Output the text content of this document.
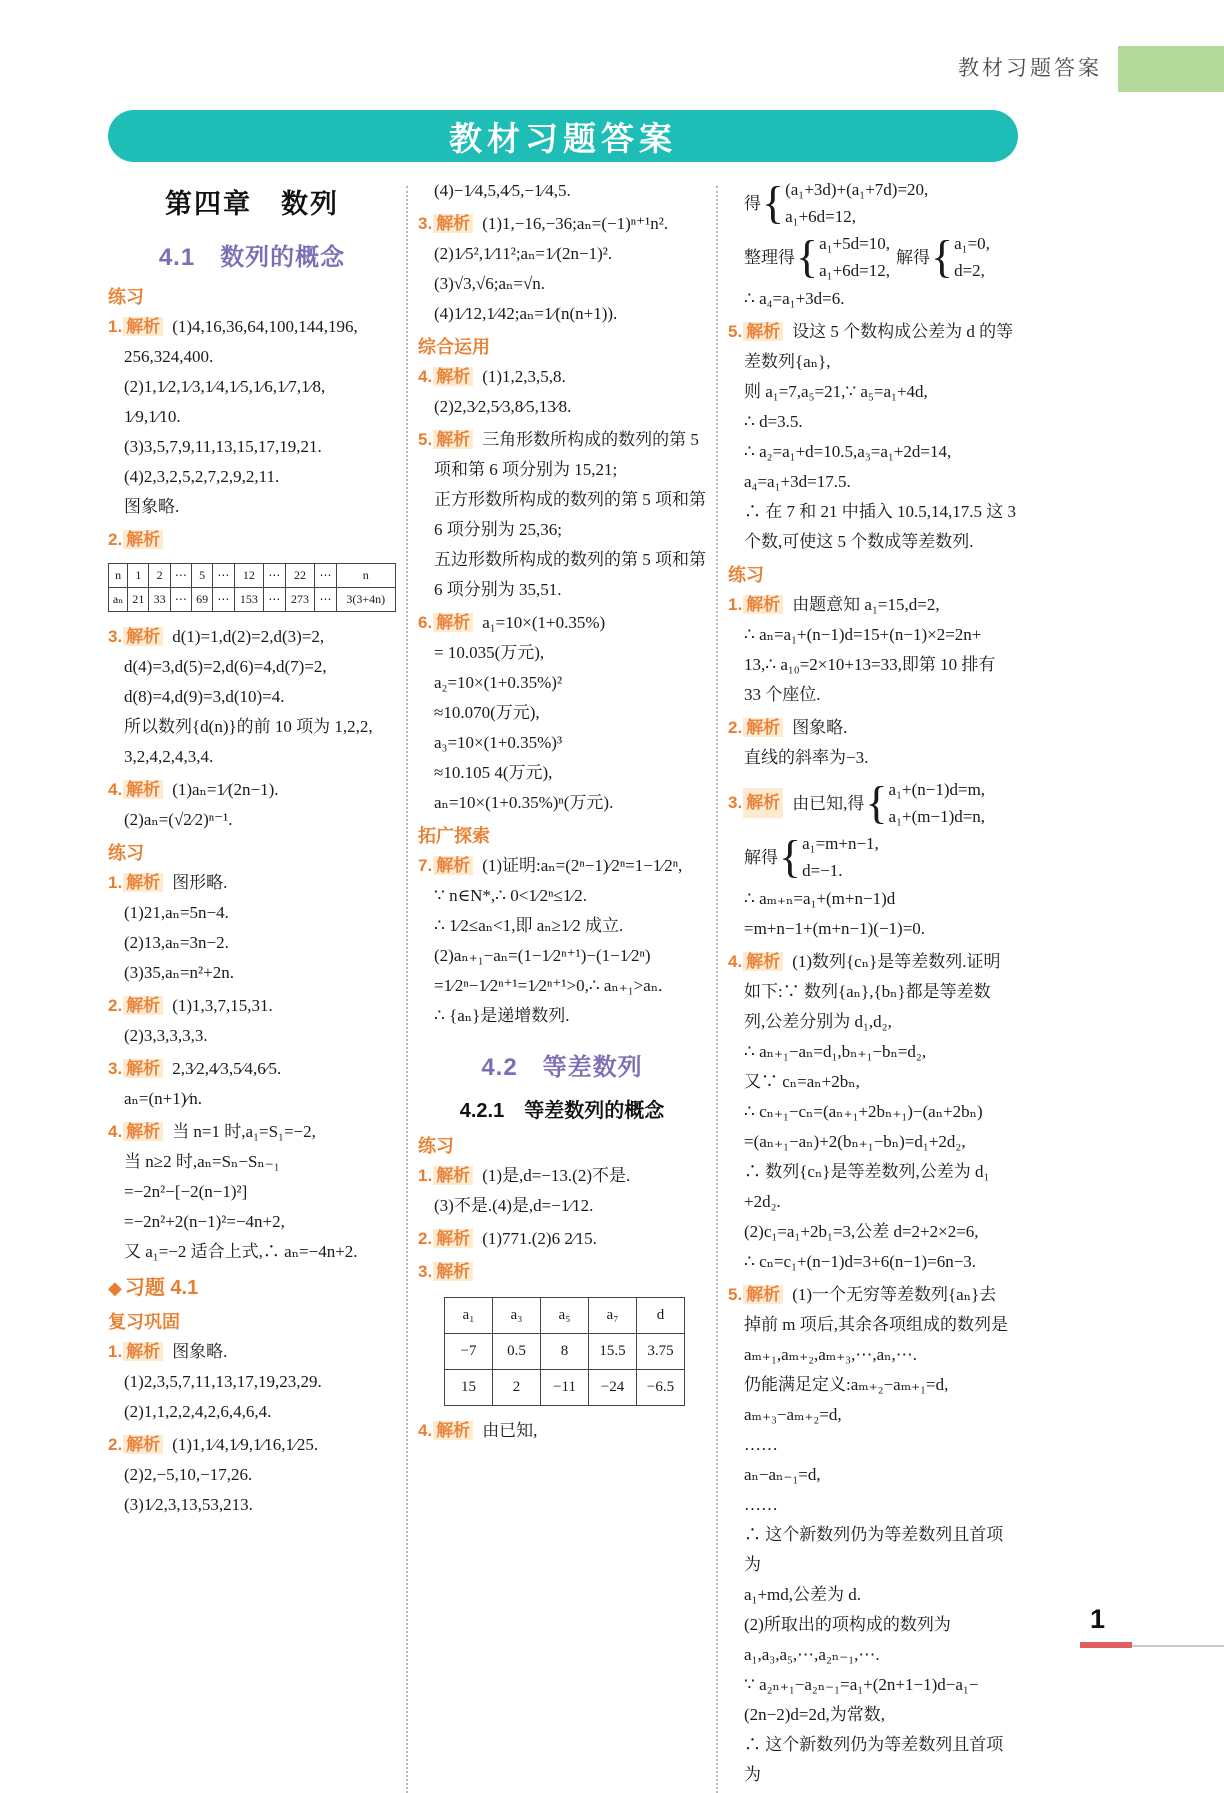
教材习题答案
教材习题答案
第四章　数列
4.1　数列的概念
练习
1. 解析 (1)4,16,36,64,100,144,196,
256,324,400.
(2)1,1⁄2,1⁄3,1⁄4,1⁄5,1⁄6,1⁄7,1⁄8,
1⁄9,1⁄10.
(3)3,5,7,9,11,13,15,17,19,21.
(4)2,3,2,5,2,7,2,9,2,11.
图象略.
2. 解析
n	1	2	⋯	5	⋯	12	⋯	22	⋯	n
aₙ	21	33	⋯	69	⋯	153	⋯	273	⋯	3(3+4n)
3. 解析 d(1)=1,d(2)=2,d(3)=2,
d(4)=3,d(5)=2,d(6)=4,d(7)=2,
d(8)=4,d(9)=3,d(10)=4.
所以数列{d(n)}的前 10 项为 1,2,2,
3,2,4,2,4,3,4.
4. 解析 (1)aₙ=1⁄(2n−1).
(2)aₙ=(√2⁄2)ⁿ⁻¹.
练习
1. 解析 图形略.
(1)21,aₙ=5n−4.
(2)13,aₙ=3n−2.
(3)35,aₙ=n²+2n.
2. 解析 (1)1,3,7,15,31.
(2)3,3,3,3,3.
3. 解析 2,3⁄2,4⁄3,5⁄4,6⁄5.
aₙ=(n+1)⁄n.
4. 解析 当 n=1 时,a₁=S₁=−2,
当 n≥2 时,aₙ=Sₙ−Sₙ₋₁
=−2n²−[−2(n−1)²]
=−2n²+2(n−1)²=−4n+2,
又 a₁=−2 适合上式,∴ aₙ=−4n+2.
◆ 习题 4.1
复习巩固
1. 解析 图象略.
(1)2,3,5,7,11,13,17,19,23,29.
(2)1,1,2,2,4,2,6,4,6,4.
2. 解析 (1)1,1⁄4,1⁄9,1⁄16,1⁄25.
(2)2,−5,10,−17,26.
(3)1⁄2,3,13,53,213.
(4)−1⁄4,5,4⁄5,−1⁄4,5.
3. 解析 (1)1,−16,−36;aₙ=(−1)ⁿ⁺¹n².
(2)1⁄5²,1⁄11²;aₙ=1⁄(2n−1)².
(3)√3,√6;aₙ=√n.
(4)1⁄12,1⁄42;aₙ=1⁄(n(n+1)).
综合运用
4. 解析 (1)1,2,3,5,8.
(2)2,3⁄2,5⁄3,8⁄5,13⁄8.
5. 解析 三角形数所构成的数列的第 5
项和第 6 项分别为 15,21;
正方形数所构成的数列的第 5 项和第
6 项分别为 25,36;
五边形数所构成的数列的第 5 项和第
6 项分别为 35,51.
6. 解析 a₁=10×(1+0.35%)
= 10.035(万元),
a₂=10×(1+0.35%)²
≈10.070(万元),
a₃=10×(1+0.35%)³
≈10.105 4(万元),
aₙ=10×(1+0.35%)ⁿ(万元).
拓广探索
7. 解析 (1)证明:aₙ=(2ⁿ−1)⁄2ⁿ=1−1⁄2ⁿ,
∵ n∈N*,∴ 0<1⁄2ⁿ≤1⁄2.
∴ 1⁄2≤aₙ<1,即 aₙ≥1⁄2 成立.
(2)aₙ₊₁−aₙ=(1−1⁄2ⁿ⁺¹)−(1−1⁄2ⁿ)
=1⁄2ⁿ−1⁄2ⁿ⁺¹=1⁄2ⁿ⁺¹>0,∴ aₙ₊₁>aₙ.
∴ {aₙ}是递增数列.
4.2　等差数列
4.2.1　等差数列的概念
练习
1. 解析 (1)是,d=−13.(2)不是.
(3)不是.(4)是,d=−1⁄12.
2. 解析 (1)771.(2)6 2⁄15.
3. 解析
a₁	a₃	a₅	a₇	d
−7	0.5	8	15.5	3.75
15	2	−11	−24	−6.5
4. 解析 由已知,
得 { (a₁+3d)+(a₁+7d)=20,
a₁+6d=12,
整理得 { a₁+5d=10,
a₁+6d=12,
解得 { a₁=0,
d=2,
∴ a₄=a₁+3d=6.
5. 解析 设这 5 个数构成公差为 d 的等
差数列{aₙ},
则 a₁=7,a₅=21,∵ a₅=a₁+4d,
∴ d=3.5.
∴ a₂=a₁+d=10.5,a₃=a₁+2d=14,
a₄=a₁+3d=17.5.
∴ 在 7 和 21 中插入 10.5,14,17.5 这 3
个数,可使这 5 个数成等差数列.
练习
1. 解析 由题意知 a₁=15,d=2,
∴ aₙ=a₁+(n−1)d=15+(n−1)×2=2n+
13,∴ a₁₀=2×10+13=33,即第 10 排有
33 个座位.
2. 解析 图象略.
直线的斜率为−3.
3. 解析 由已知,得 { a₁+(n−1)d=m,
a₁+(m−1)d=n,
解得 { a₁=m+n−1,
d=−1.
∴ aₘ₊ₙ=a₁+(m+n−1)d
=m+n−1+(m+n−1)(−1)=0.
4. 解析 (1)数列{cₙ}是等差数列.证明
如下:∵ 数列{aₙ},{bₙ}都是等差数
列,公差分别为 d₁,d₂,
∴ aₙ₊₁−aₙ=d₁,bₙ₊₁−bₙ=d₂,
又∵ cₙ=aₙ+2bₙ,
∴ cₙ₊₁−cₙ=(aₙ₊₁+2bₙ₊₁)−(aₙ+2bₙ)
=(aₙ₊₁−aₙ)+2(bₙ₊₁−bₙ)=d₁+2d₂,
∴ 数列{cₙ}是等差数列,公差为 d₁
+2d₂.
(2)c₁=a₁+2b₁=3,公差 d=2+2×2=6,
∴ cₙ=c₁+(n−1)d=3+6(n−1)=6n−3.
5. 解析 (1)一个无穷等差数列{aₙ}去
掉前 m 项后,其余各项组成的数列是
aₘ₊₁,aₘ₊₂,aₘ₊₃,⋯,aₙ,⋯.
仍能满足定义:aₘ₊₂−aₘ₊₁=d,
aₘ₊₃−aₘ₊₂=d,
……
aₙ−aₙ₋₁=d,
……
∴ 这个新数列仍为等差数列且首项为
a₁+md,公差为 d.
(2)所取出的项构成的数列为
a₁,a₃,a₅,⋯,a₂ₙ₋₁,⋯.
∵ a₂ₙ₊₁−a₂ₙ₋₁=a₁+(2n+1−1)d−a₁−
(2n−2)d=2d,为常数,
∴ 这个新数列仍为等差数列且首项为
1
